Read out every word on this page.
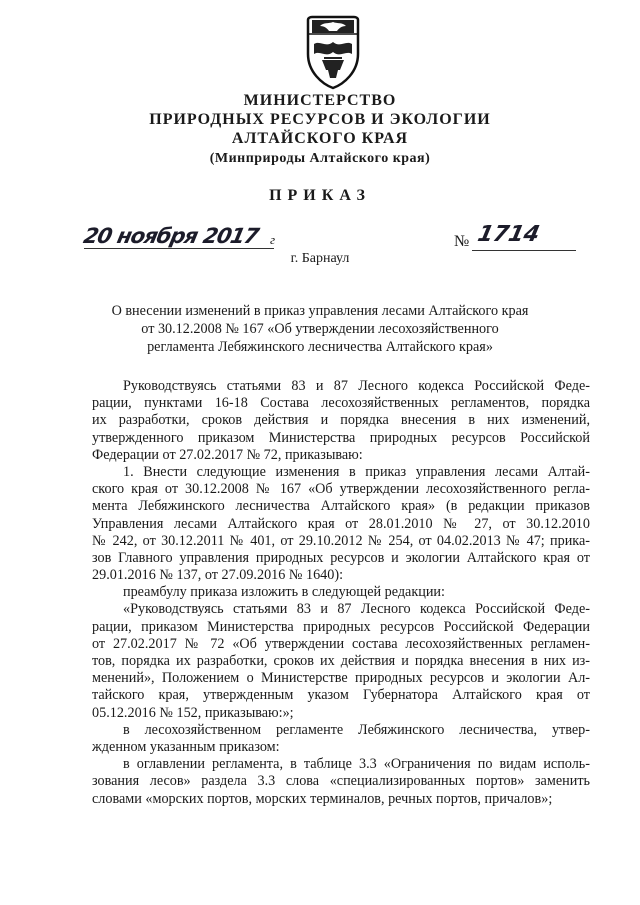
МИНИСТЕРСТВО
ПРИРОДНЫХ РЕСУРСОВ И ЭКОЛОГИИ
АЛТАЙСКОГО КРАЯ
(Минприроды Алтайского края)
ПРИКАЗ
20 ноября 2017 г	№ 1714
г. Барнаул
О внесении изменений в приказ управления лесами Алтайского края
от 30.12.2008 № 167 «Об утверждении лесохозяйственного
регламента Лебяжинского лесничества Алтайского края»
Руководствуясь статьями 83 и 87 Лесного кодекса Российской Феде-
рации, пунктами 16-18 Состава лесохозяйственных регламентов, порядка
их разработки, сроков действия и порядка внесения в них изменений,
утвержденного приказом Министерства природных ресурсов Российской
Федерации от 27.02.2017 № 72, приказываю:
1. Внести следующие изменения в приказ управления лесами Алтай-
ского края от 30.12.2008 № 167 «Об утверждении лесохозяйственного регла-
мента Лебяжинского лесничества Алтайского края» (в редакции приказов
Управления лесами Алтайского края от 28.01.2010 № 27, от 30.12.2010
№ 242, от 30.12.2011 № 401, от 29.10.2012 № 254, от 04.02.2013 № 47; прика-
зов Главного управления природных ресурсов и экологии Алтайского края от
29.01.2016 № 137, от 27.09.2016 № 1640):
преамбулу приказа изложить в следующей редакции:
«Руководствуясь статьями 83 и 87 Лесного кодекса Российской Феде-
рации, приказом Министерства природных ресурсов Российской Федерации
от 27.02.2017 № 72 «Об утверждении состава лесохозяйственных регламен-
тов, порядка их разработки, сроков их действия и порядка внесения в них из-
менений», Положением о Министерстве природных ресурсов и экологии Ал-
тайского края, утвержденным указом Губернатора Алтайского края от
05.12.2016 № 152, приказываю:»;
в лесохозяйственном регламенте Лебяжинского лесничества, утвер-
жденном указанным приказом:
в оглавлении регламента, в таблице 3.3 «Ограничения по видам исполь-
зования лесов» раздела 3.3 слова «специализированных портов» заменить
словами «морских портов, морских терминалов, речных портов, причалов»;
